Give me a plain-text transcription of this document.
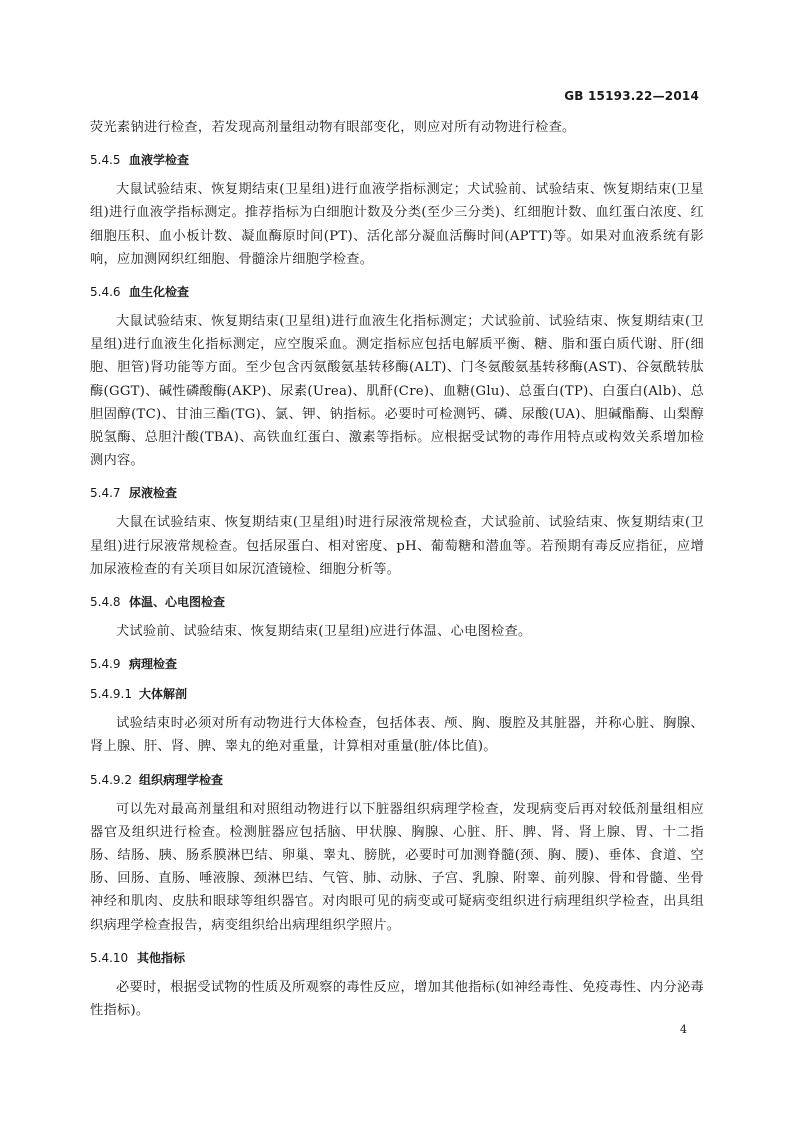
GB 15193.22—2014

荧光素钠进行检查，若发现高剂量组动物有眼部变化，则应对所有动物进行检查。

5.4.5 血液学检查

大鼠试验结束、恢复期结束(卫星组)进行血液学指标测定；犬试验前、试验结束、恢复期结束(卫星组)进行血液学指标测定。推荐指标为白细胞计数及分类(至少三分类)、红细胞计数、血红蛋白浓度、红细胞压积、血小板计数、凝血酶原时间(PT)、活化部分凝血活酶时间(APTT)等。如果对血液系统有影响，应加测网织红细胞、骨髓涂片细胞学检查。

5.4.6 血生化检查

大鼠试验结束、恢复期结束(卫星组)进行血液生化指标测定；犬试验前、试验结束、恢复期结束(卫星组)进行血液生化指标测定，应空腹采血。测定指标应包括电解质平衡、糖、脂和蛋白质代谢、肝(细胞、胆管)肾功能等方面。至少包含丙氨酸氨基转移酶(ALT)、门冬氨酸氨基转移酶(AST)、谷氨酰转肽酶(GGT)、碱性磷酸酶(AKP)、尿素(Urea)、肌酐(Cre)、血糖(Glu)、总蛋白(TP)、白蛋白(Alb)、总胆固醇(TC)、甘油三酯(TG)、氯、钾、钠指标。必要时可检测钙、磷、尿酸(UA)、胆碱酯酶、山梨醇脱氢酶、总胆汁酸(TBA)、高铁血红蛋白、激素等指标。应根据受试物的毒作用特点或构效关系增加检测内容。

5.4.7 尿液检查

大鼠在试验结束、恢复期结束(卫星组)时进行尿液常规检查，犬试验前、试验结束、恢复期结束(卫星组)进行尿液常规检查。包括尿蛋白、相对密度、pH、葡萄糖和潜血等。若预期有毒反应指征，应增加尿液检查的有关项目如尿沉渣镜检、细胞分析等。

5.4.8 体温、心电图检查

犬试验前、试验结束、恢复期结束(卫星组)应进行体温、心电图检查。

5.4.9 病理检查
5.4.9.1 大体解剖

试验结束时必须对所有动物进行大体检查，包括体表、颅、胸、腹腔及其脏器，并称心脏、胸腺、肾上腺、肝、肾、脾、睾丸的绝对重量，计算相对重量(脏/体比值)。

5.4.9.2 组织病理学检查

可以先对最高剂量组和对照组动物进行以下脏器组织病理学检查，发现病变后再对较低剂量组相应器官及组织进行检查。检测脏器应包括脑、甲状腺、胸腺、心脏、肝、脾、肾、肾上腺、胃、十二指肠、结肠、胰、肠系膜淋巴结、卵巢、睾丸、膀胱，必要时可加测脊髓(颈、胸、腰)、垂体、食道、空肠、回肠、直肠、唾液腺、颈淋巴结、气管、肺、动脉、子宫、乳腺、附睾、前列腺、骨和骨髓、坐骨神经和肌肉、皮肤和眼球等组织器官。对肉眼可见的病变或可疑病变组织进行病理组织学检查，出具组织病理学检查报告，病变组织给出病理组织学照片。

5.4.10 其他指标

必要时，根据受试物的性质及所观察的毒性反应，增加其他指标(如神经毒性、免疫毒性、内分泌毒性指标)。

4
